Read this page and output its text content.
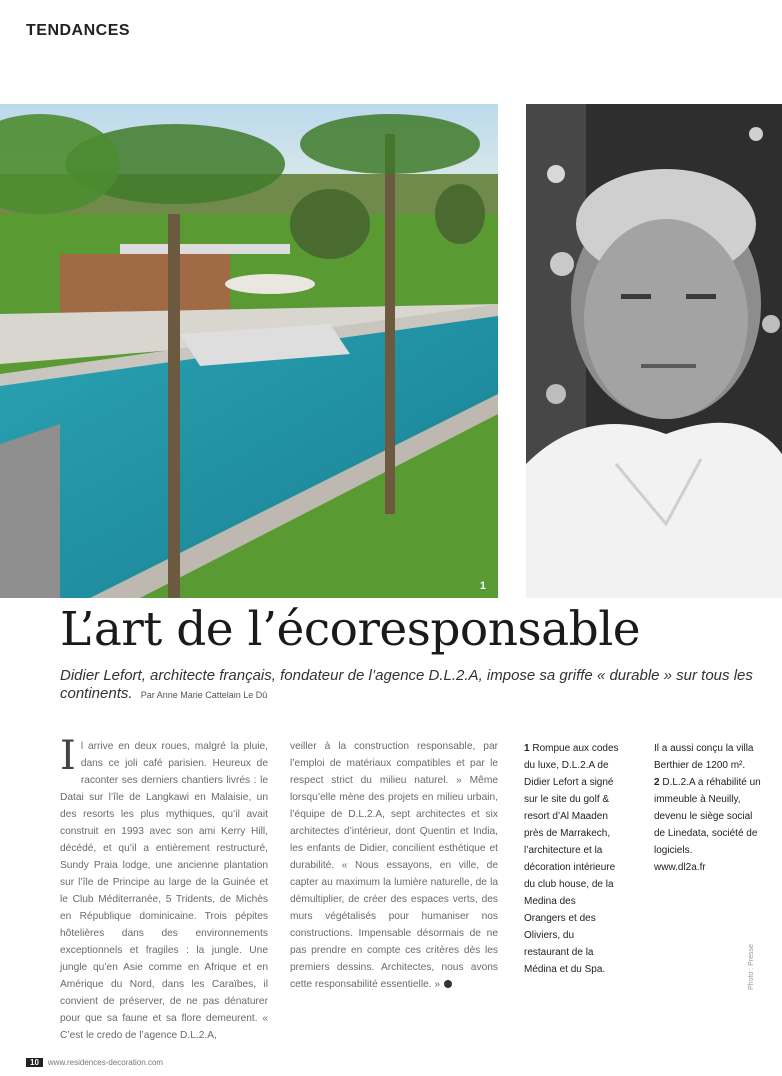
TENDANCES
1
L’art de l’écoresponsable
Didier Lefort, architecte français, fondateur de l’agence D.L.2.A, impose sa griffe « durable » sur tous les continents. Par Anne Marie Cattelain Le Dû
Il arrive en deux roues, malgré la pluie, dans ce joli café parisien. Heureux de raconter ses derniers chantiers livrés : le Datai sur l’île de Langkawi en Malaisie, un des resorts les plus mythiques, qu’il avait construit en 1993 avec son ami Kerry Hill, décédé, et qu’il a entièrement restructuré, Sundy Praia lodge, une ancienne plantation sur l’île de Principe au large de la Guinée et le Club Méditerranée, 5 Tridents, de Michès en République dominicaine. Trois pépites hôtelières dans des environnements exceptionnels et fragiles : la jungle. Une jungle qu’en Asie comme en Afrique et en Amérique du Nord, dans les Caraïbes, il convient de préserver, de ne pas dénaturer pour que sa faune et sa flore demeurent. « C’est le credo de l’agence D.L.2.A,
veiller à la construction responsable, par l’emploi de matériaux compatibles et par le respect strict du milieu naturel. » Même lorsqu’elle mène des projets en milieu urbain, l’équipe de D.L.2.A, sept architectes et six architectes d’intérieur, dont Quentin et India, les enfants de Didier, concilient esthétique et durabilité. « Nous essayons, en ville, de capter au maximum la lumière naturelle, de la démultiplier, de créer des espaces verts, des murs végétalisés pour humaniser nos constructions. Impensable désormais de ne pas prendre en compte ces critères dès les premiers dessins. Architectes, nous avons cette responsabilité essentielle. »
1 Rompue aux codes du luxe, D.L.2.A de Didier Lefort a signé sur le site du golf & resort d’Al Maaden près de Marrakech, l’architecture et la décoration intérieure du club house, de la Medina des Orangers et des Oliviers, du restaurant de la Médina et du Spa.
Il a aussi conçu la villa Berthier de 1200 m².
2 D.L.2.A a réhabilité un immeuble à Neuilly, devenu le siège social de Linedata, société de logiciels.
www.dl2a.fr
Photo : Presse
10 www.residences-decoration.com
